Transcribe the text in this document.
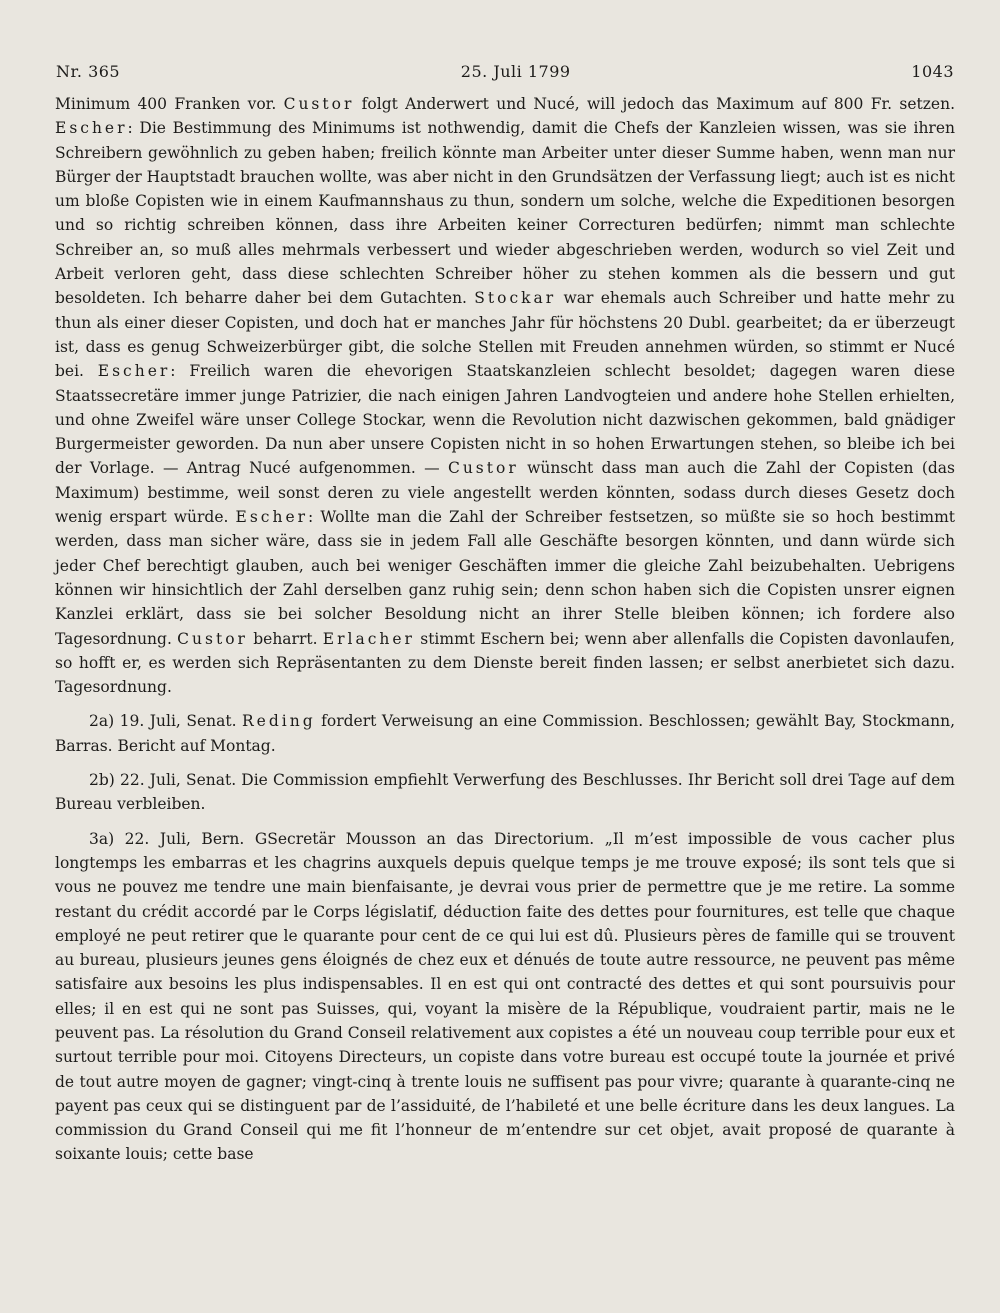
Nr. 365	25. Juli 1799	1043

Minimum 400 Franken vor. Custor folgt Anderwert und Nucé, will jedoch das Maximum auf 800 Fr. setzen. Escher: Die Bestimmung des Minimums ist nothwendig, damit die Chefs der Kanzleien wissen, was sie ihren Schreibern gewöhnlich zu geben haben; freilich könnte man Arbeiter unter dieser Summe haben, wenn man nur Bürger der Hauptstadt brauchen wollte, was aber nicht in den Grundsätzen der Verfassung liegt; auch ist es nicht um bloße Copisten wie in einem Kaufmannshaus zu thun, sondern um solche, welche die Expeditionen besorgen und so richtig schreiben können, dass ihre Arbeiten keiner Correcturen bedürfen; nimmt man schlechte Schreiber an, so muß alles mehrmals verbessert und wieder abgeschrieben werden, wodurch so viel Zeit und Arbeit verloren geht, dass diese schlechten Schreiber höher zu stehen kommen als die bessern und gut besoldeten. Ich beharre daher bei dem Gutachten. Stockar war ehemals auch Schreiber und hatte mehr zu thun als einer dieser Copisten, und doch hat er manches Jahr für höchstens 20 Dubl. gearbeitet; da er überzeugt ist, dass es genug Schweizerbürger gibt, die solche Stellen mit Freuden annehmen würden, so stimmt er Nucé bei. Escher: Freilich waren die ehevorigen Staatskanzleien schlecht besoldet; dagegen waren diese Staatssecretäre immer junge Patrizier, die nach einigen Jahren Landvogteien und andere hohe Stellen erhielten, und ohne Zweifel wäre unser College Stockar, wenn die Revolution nicht dazwischen gekommen, bald gnädiger Burgermeister geworden. Da nun aber unsere Copisten nicht in so hohen Erwartungen stehen, so bleibe ich bei der Vorlage. — Antrag Nucé aufgenommen. — Custor wünscht dass man auch die Zahl der Copisten (das Maximum) bestimme, weil sonst deren zu viele angestellt werden könnten, sodass durch dieses Gesetz doch wenig erspart würde. Escher: Wollte man die Zahl der Schreiber festsetzen, so müßte sie so hoch bestimmt werden, dass man sicher wäre, dass sie in jedem Fall alle Geschäfte besorgen könnten, und dann würde sich jeder Chef berechtigt glauben, auch bei weniger Geschäften immer die gleiche Zahl beizubehalten. Uebrigens können wir hinsichtlich der Zahl derselben ganz ruhig sein; denn schon haben sich die Copisten unsrer eignen Kanzlei erklärt, dass sie bei solcher Besoldung nicht an ihrer Stelle bleiben können; ich fordere also Tagesordnung. Custor beharrt. Erlacher stimmt Eschern bei; wenn aber allenfalls die Copisten davonlaufen, so hofft er, es werden sich Repräsentanten zu dem Dienste bereit finden lassen; er selbst anerbietet sich dazu. Tagesordnung.

2a) 19. Juli, Senat. Reding fordert Verweisung an eine Commission. Beschlossen; gewählt Bay, Stockmann, Barras. Bericht auf Montag.

2b) 22. Juli, Senat. Die Commission empfiehlt Verwerfung des Beschlusses. Ihr Bericht soll drei Tage auf dem Bureau verbleiben.

3a) 22. Juli, Bern. GSecretär Mousson an das Directorium. „Il m’est impossible de vous cacher plus longtemps les embarras et les chagrins auxquels depuis quelque temps je me trouve exposé; ils sont tels que si vous ne pouvez me tendre une main bienfaisante, je devrai vous prier de permettre que je me retire. La somme restant du crédit accordé par le Corps législatif, déduction faite des dettes pour fournitures, est telle que chaque employé ne peut retirer que le quarante pour cent de ce qui lui est dû. Plusieurs pères de famille qui se trouvent au bureau, plusieurs jeunes gens éloignés de chez eux et dénués de toute autre ressource, ne peuvent pas même satisfaire aux besoins les plus indispensables. Il en est qui ont contracté des dettes et qui sont poursuivis pour elles; il en est qui ne sont pas Suisses, qui, voyant la misère de la République, voudraient partir, mais ne le peuvent pas. La résolution du Grand Conseil relativement aux copistes a été un nouveau coup terrible pour eux et surtout terrible pour moi. Citoyens Directeurs, un copiste dans votre bureau est occupé toute la journée et privé de tout autre moyen de gagner; vingt-cinq à trente louis ne suffisent pas pour vivre; quarante à quarante-cinq ne payent pas ceux qui se distinguent par de l’assiduité, de l’habileté et une belle écriture dans les deux langues. La commission du Grand Conseil qui me fit l’honneur de m’entendre sur cet objet, avait proposé de quarante à soixante louis; cette base
